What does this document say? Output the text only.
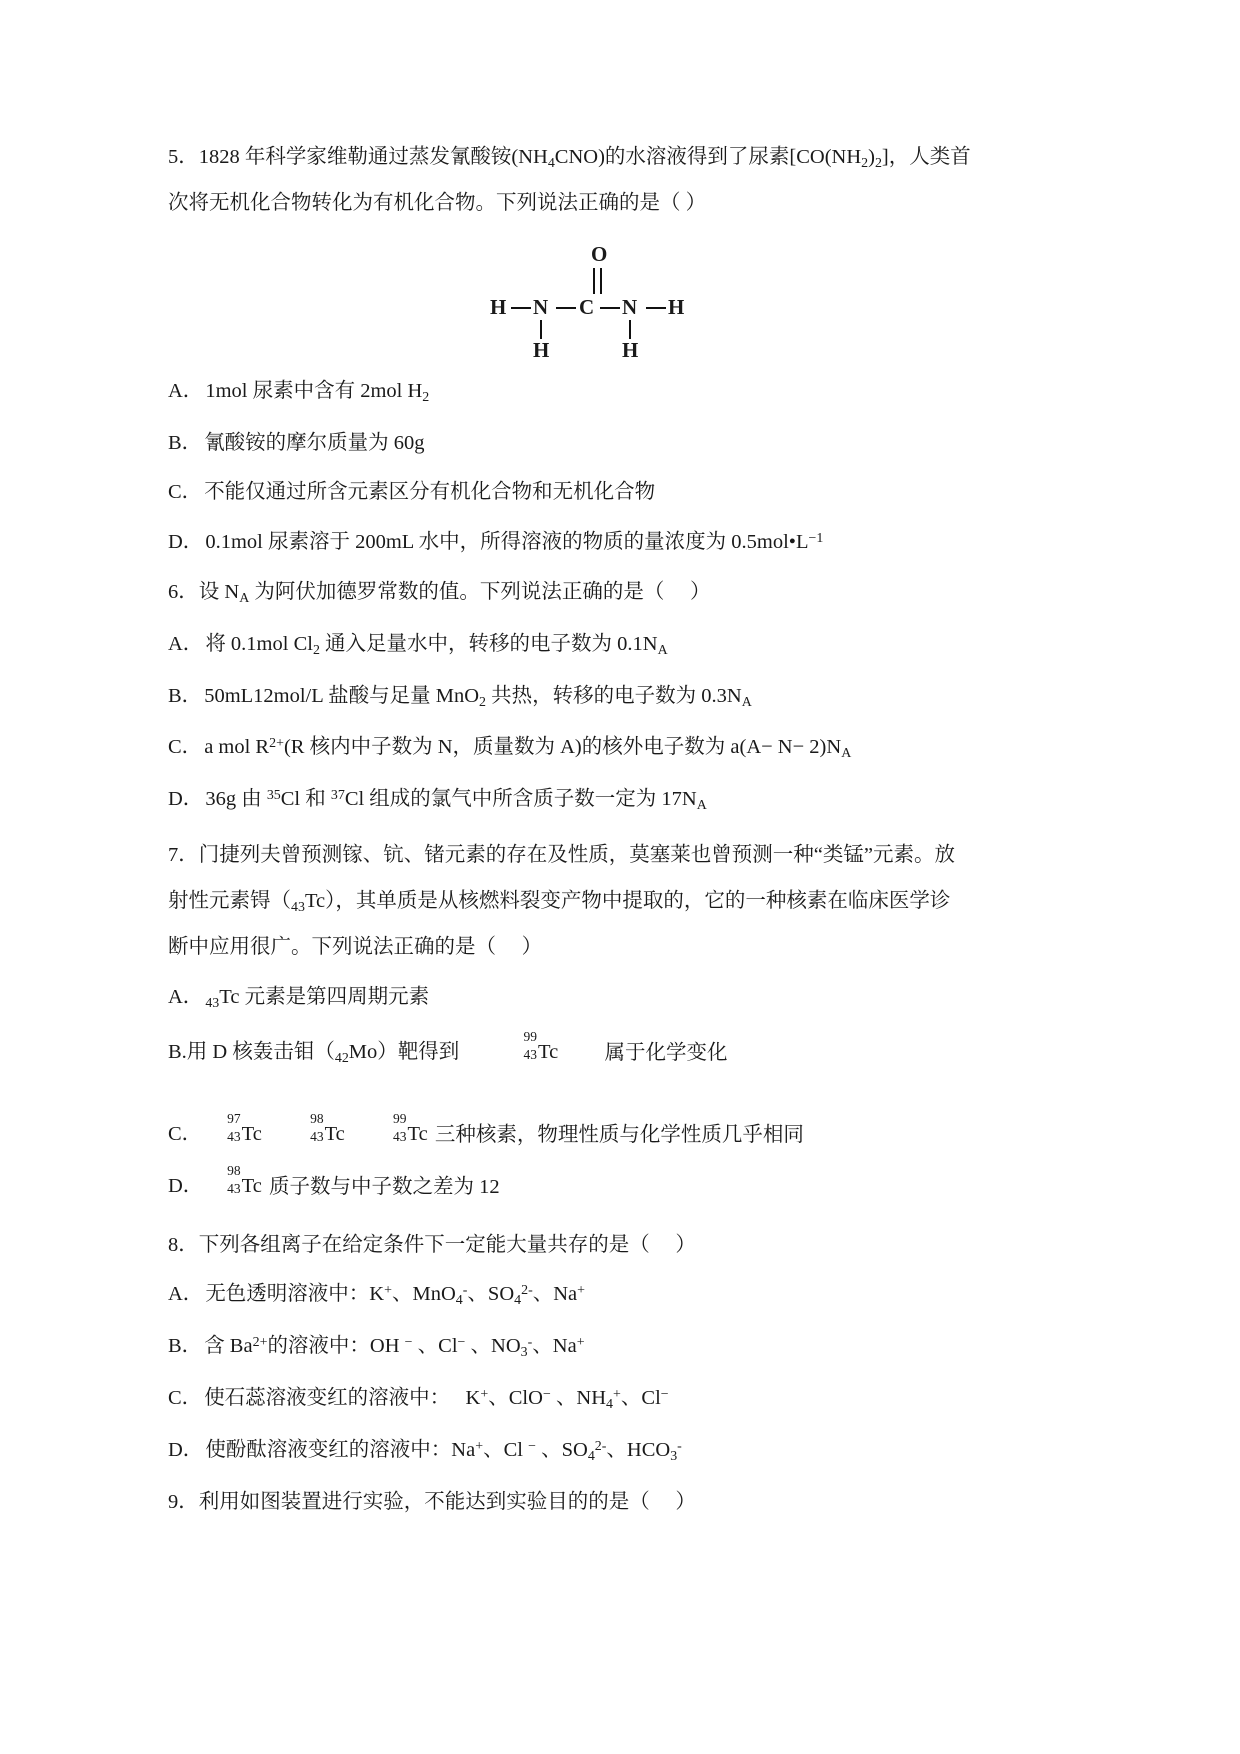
5．1828 年科学家维勒通过蒸发氰酸铵$(NH_4CNO)$的水溶液得到了尿素$[CO(NH_2)_2]$，人类首
次将无机化合物转化为有机化合物。下列说法正确的是（ ）
O
H N C N H
H	H
A．1mol 尿素中含有 2mol $H_2$
B．氰酸铵的摩尔质量为 60g
C．不能仅通过所含元素区分有机化合物和无机化合物
D．0.1mol 尿素溶于 200mL 水中，所得溶液的物质的量浓度为 $0.5mol•L^{-1}$
6．设 $N_A$ 为阿伏加德罗常数的值。下列说法正确的是（     ）
A．将 0.1mol $Cl_2$ 通入足量水中，转移的电子数为 $0.1N_A$
B．50mL12mol/L 盐酸与足量 MnO$_2$ 共热，转移的电子数为 $0.3N_A$
C．a mol $R^{2+}(R$ 核内中子数为 N，质量数为 A)的核外电子数为 $a(A- N- 2)N_A$
D．36g 由 $^{35}$Cl 和 $^{37}$Cl 组成的氯气中所含质子数一定为 $17N_A$
7．门捷列夫曾预测镓、钪、锗元素的存在及性质，莫塞莱也曾预测一种“类锰”元素。放
射性元素锝$(_{43}Tc)$，其单质是从核燃料裂变产物中提取的，它的一种核素在临床医学诊
断中应用很广。下列说法正确的是（     ）
A． $_{43}$Tc 元素是第四周期元素
B.用 D 核轰击钼$(_{42}Mo)$靶得到
99
43 Tc 属于化学变化
C．
97
43 Tc
98
43 Tc
99
43 Tc 三种核素，物理性质与化学性质几乎相同
D．
98
43 Tc 质子数与中子数之差为 12
8．下列各组离子在给定条件下一定能大量共存的是（     ）
A．无色透明溶液中：K+、MnO$_4$-、$SO_4^{2-}$、Na+
B．含 $Ba^{2+}$的溶液中：OH − 、Cl− 、$NO_3^-$、Na+
C．使石蕊溶液变红的溶液中：   K+、ClO− 、$NH_4^+$、Cl−
D．使酚酞溶液变红的溶液中：Na+、Cl − 、$SO_4^{2-}$、$HCO_3^-$
9．利用如图装置进行实验，不能达到实验目的的是（     ）
